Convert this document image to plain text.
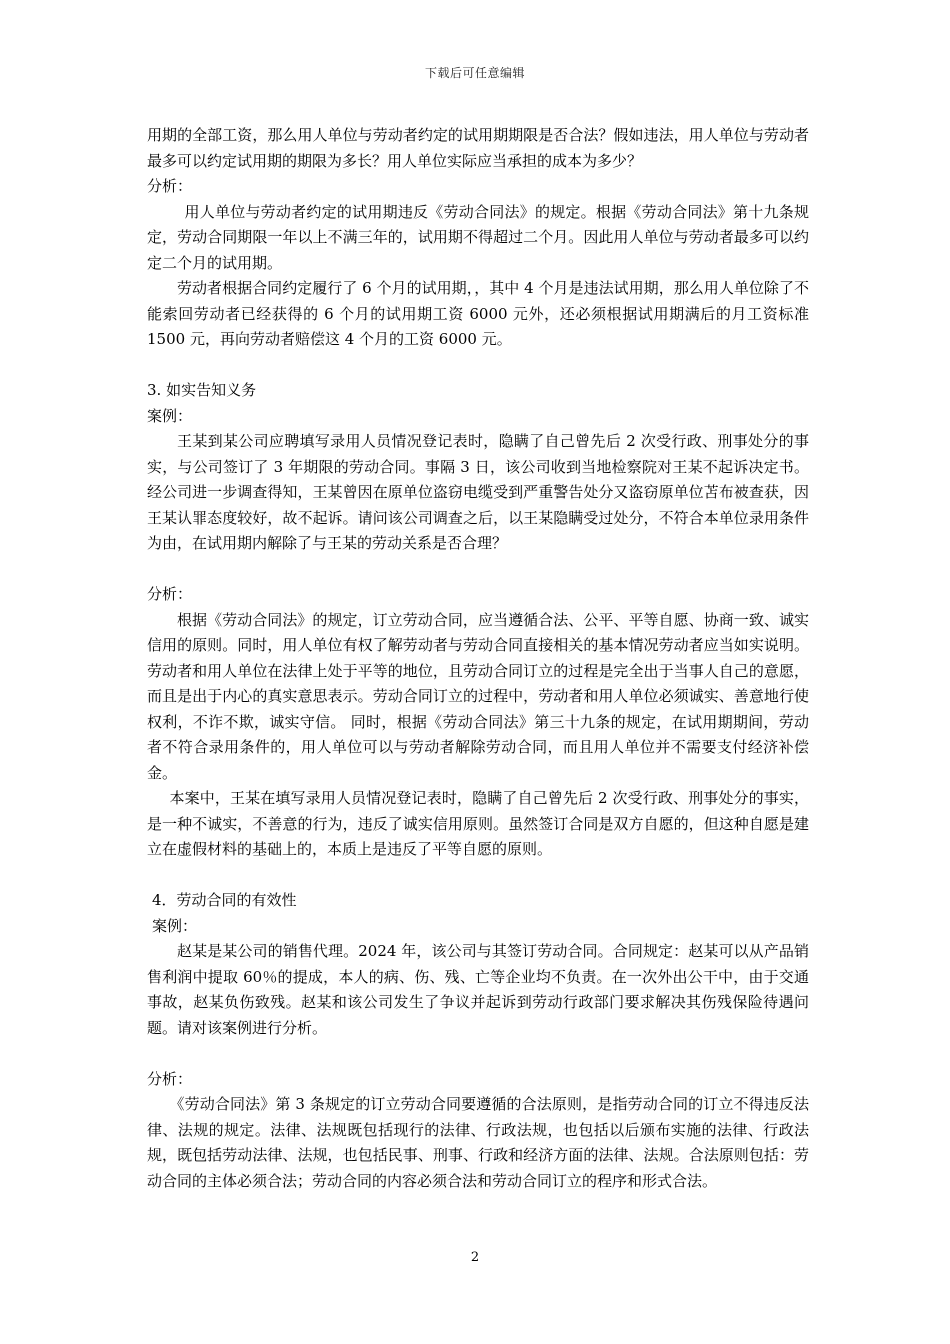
下载后可任意编辑

用期的全部工资，那么用人单位与劳动者约定的试用期期限是否合法？假如违法，用人单位与劳动者最多可以约定试用期的期限为多长？用人单位实际应当承担的成本为多少？

分析：

用人单位与劳动者约定的试用期违反《劳动合同法》的规定。根据《劳动合同法》第十九条规定，劳动合同期限一年以上不满三年的，试用期不得超过二个月。因此用人单位与劳动者最多可以约定二个月的试用期。

劳动者根据合同约定履行了 6 个月的试用期，，其中 4 个月是违法试用期，那么用人单位除了不能索回劳动者已经获得的 6 个月的试用期工资 6000 元外，还必须根据试用期满后的月工资标准 1500 元，再向劳动者赔偿这 4 个月的工资 6000 元。

3. 如实告知义务

案例：

王某到某公司应聘填写录用人员情况登记表时，隐瞒了自己曾先后 2 次受行政、刑事处分的事实，与公司签订了 3 年期限的劳动合同。事隔 3 日，该公司收到当地检察院对王某不起诉决定书。经公司进一步调查得知，王某曾因在原单位盗窃电缆受到严重警告处分又盗窃原单位苫布被查获，因王某认罪态度较好，故不起诉。请问该公司调查之后，以王某隐瞒受过处分，不符合本单位录用条件为由，在试用期内解除了与王某的劳动关系是否合理？

分析：

根据《劳动合同法》的规定，订立劳动合同，应当遵循合法、公平、平等自愿、协商一致、诚实信用的原则。同时，用人单位有权了解劳动者与劳动合同直接相关的基本情况劳动者应当如实说明。劳动者和用人单位在法律上处于平等的地位，且劳动合同订立的过程是完全出于当事人自己的意愿，而且是出于内心的真实意思表示。劳动合同订立的过程中，劳动者和用人单位必须诚实、善意地行使权利，不诈不欺，诚实守信。 同时，根据《劳动合同法》第三十九条的规定，在试用期期间，劳动者不符合录用条件的，用人单位可以与劳动者解除劳动合同，而且用人单位并不需要支付经济补偿金。

本案中，王某在填写录用人员情况登记表时，隐瞒了自己曾先后 2 次受行政、刑事处分的事实，是一种不诚实，不善意的行为，违反了诚实信用原则。虽然签订合同是双方自愿的，但这种自愿是建立在虚假材料的基础上的，本质上是违反了平等自愿的原则。

4．劳动合同的有效性

案例：

赵某是某公司的销售代理。2024 年，该公司与其签订劳动合同。合同规定：赵某可以从产品销售利润中提取 60％的提成，本人的病、伤、残、亡等企业均不负责。在一次外出公干中，由于交通事故，赵某负伤致残。赵某和该公司发生了争议并起诉到劳动行政部门要求解决其伤残保险待遇问题。请对该案例进行分析。

分析：

《劳动合同法》第 3 条规定的订立劳动合同要遵循的合法原则，是指劳动合同的订立不得违反法律、法规的规定。法律、法规既包括现行的法律、行政法规，也包括以后颁布实施的法律、行政法规，既包括劳动法律、法规，也包括民事、刑事、行政和经济方面的法律、法规。合法原则包括：劳动合同的主体必须合法；劳动合同的内容必须合法和劳动合同订立的程序和形式合法。

2
